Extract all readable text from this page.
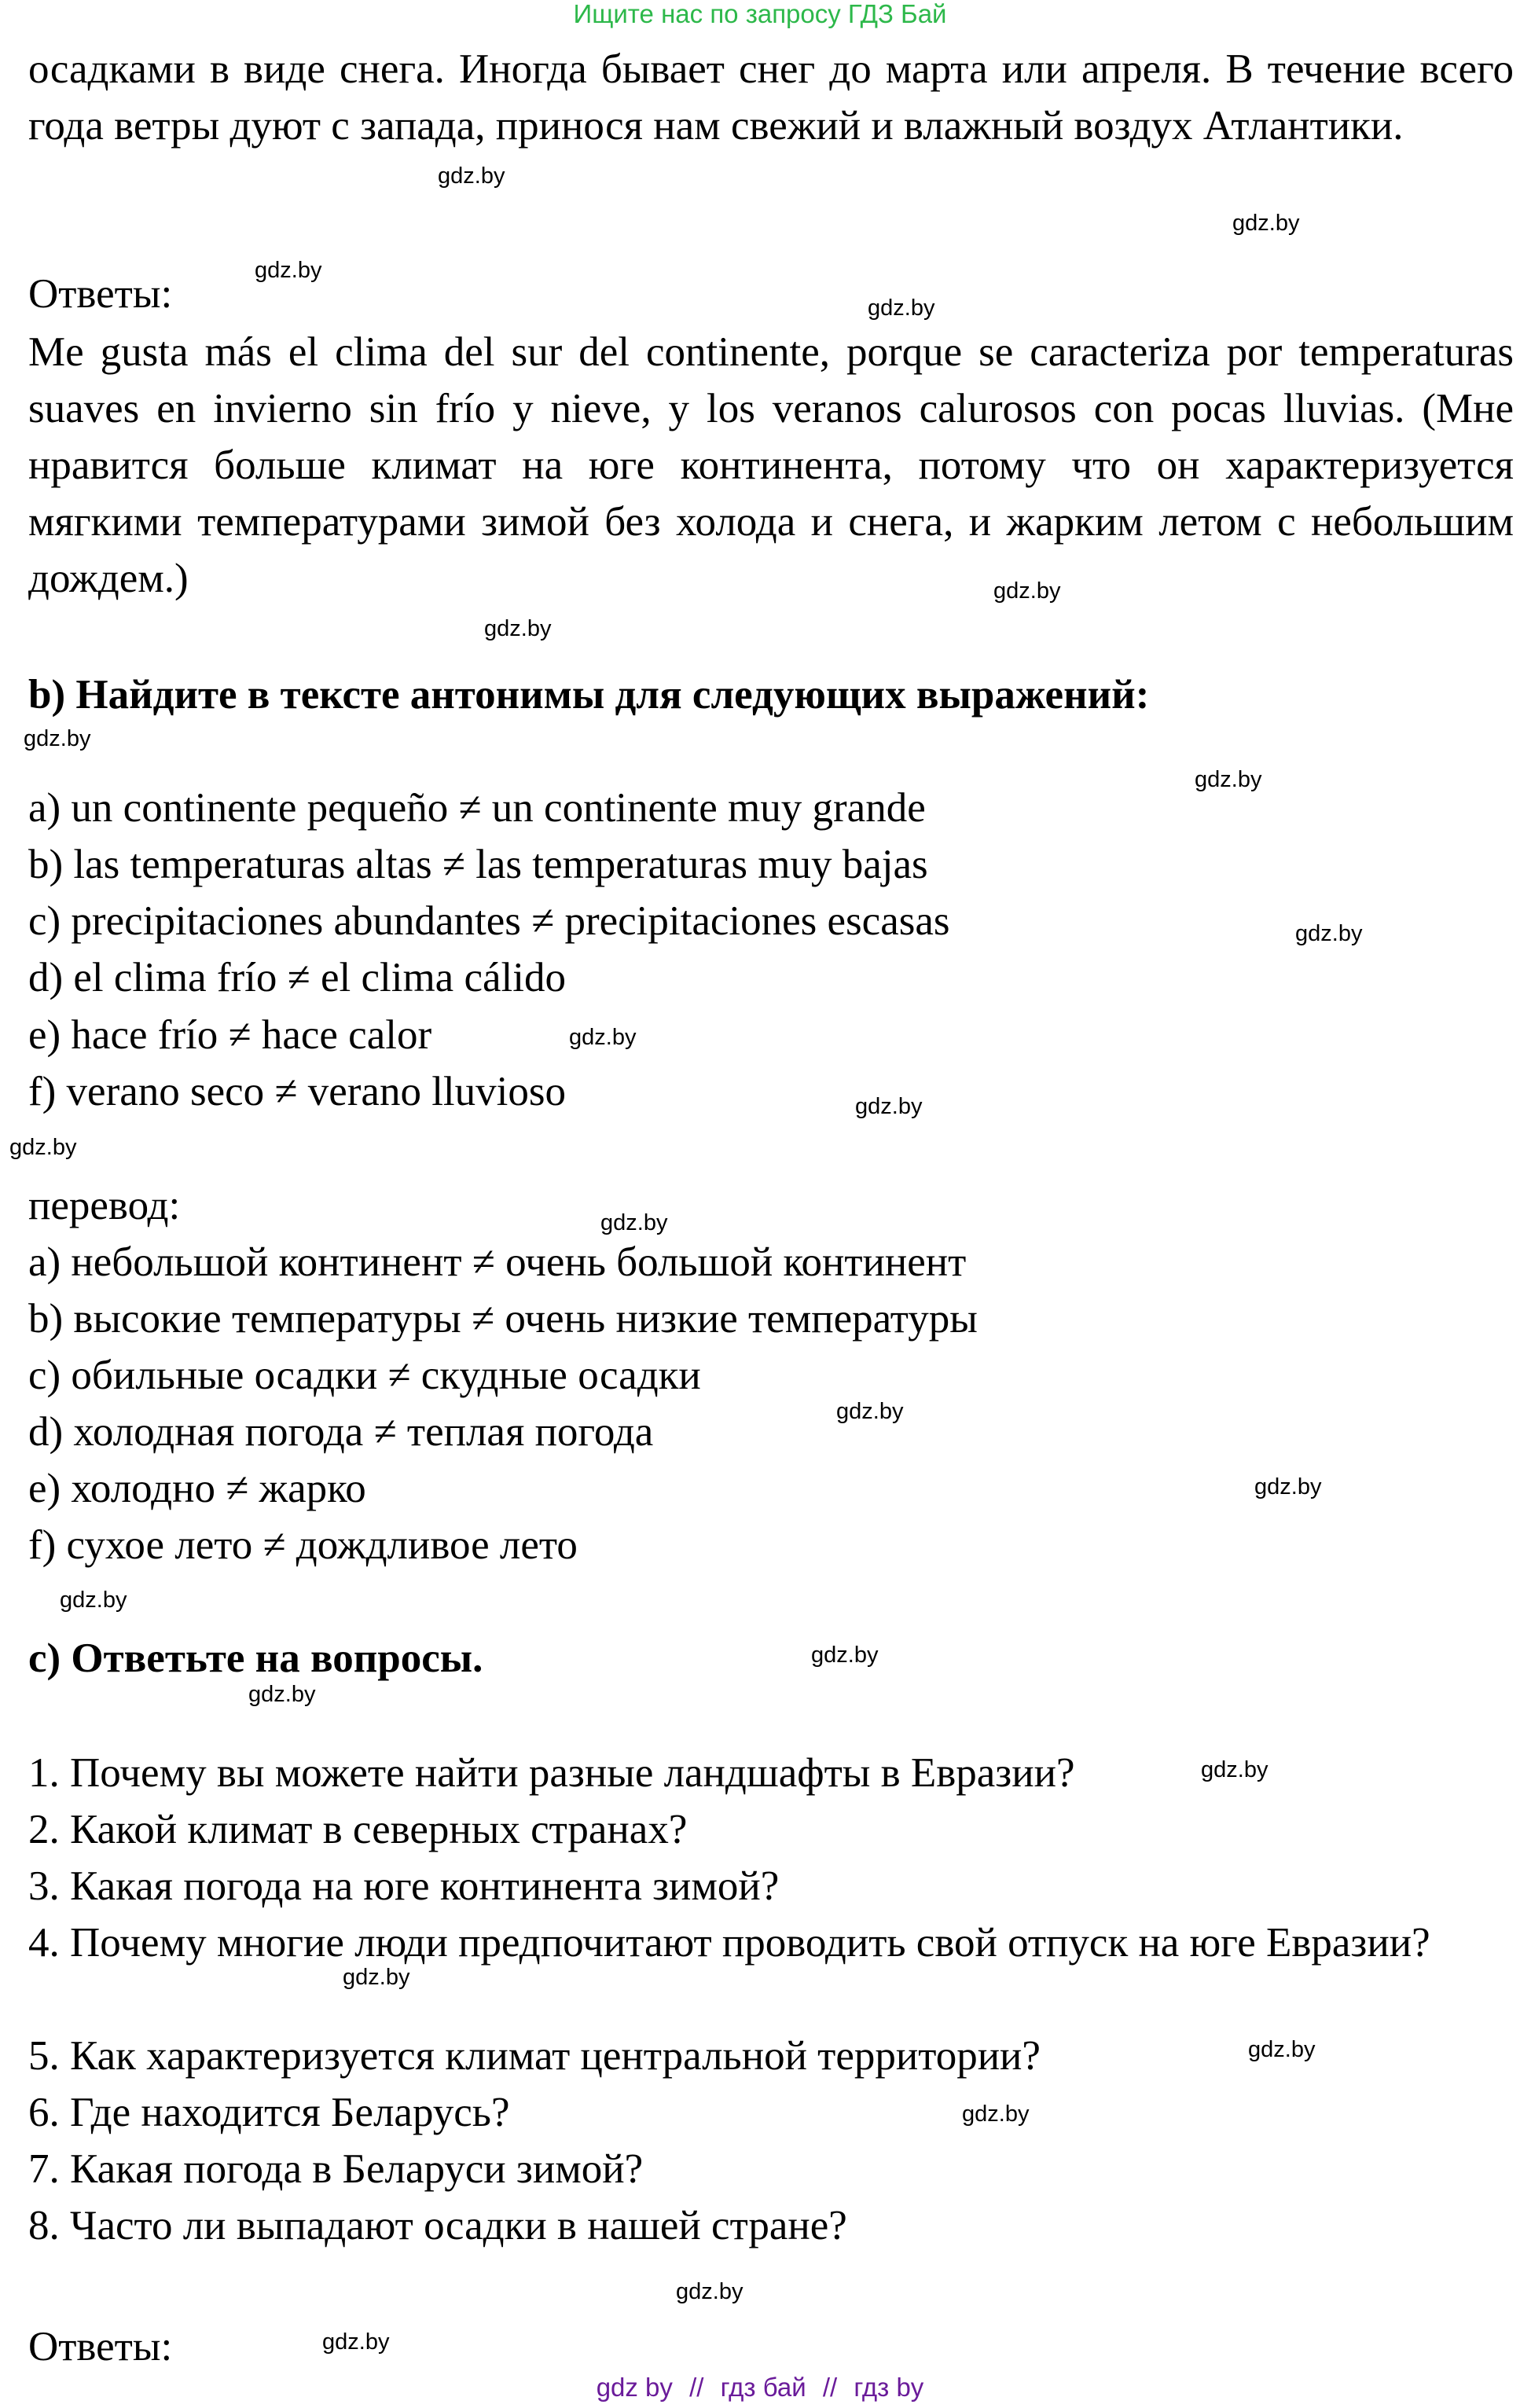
Ищите нас по запросу ГДЗ Бай
осадками в виде снега. Иногда бывает снег до марта или апреля. В течение всего года ветры дуют с запада, принося нам свежий и влажный воздух Атлантики.
Ответы:
Me gusta más el clima del sur del continente, porque se caracteriza por temperaturas suaves en invierno sin frío y nieve, y los veranos calurosos con pocas lluvias. (Мне нравится больше климат на юге континента, потому что он характеризуется мягкими температурами зимой без холода и снега, и жарким летом с небольшим дождем.)
b) Найдите в тексте антонимы для следующих выражений:
a) un continente pequeño ≠ un continente muy grande
b) las temperaturas altas ≠ las temperaturas muy bajas
c) precipitaciones abundantes ≠ precipitaciones escasas
d) el clima frío ≠ el clima cálido
e) hace frío ≠ hace calor
f) verano seco ≠ verano lluvioso
перевод:
a) небольшой континент ≠ очень большой континент
b) высокие температуры ≠ очень низкие температуры
c) обильные осадки ≠ скудные осадки
d) холодная погода ≠ теплая погода
e) холодно ≠ жарко
f) сухое лето ≠ дождливое лето
c) Ответьте на вопросы.
1. Почему вы можете найти разные ландшафты в Евразии?
2. Какой климат в северных странах?
3. Какая погода на юге континента зимой?
4. Почему многие люди предпочитают проводить свой отпуск на юге Евразии?
5. Как характеризуется климат центральной территории?
6. Где находится Беларусь?
7. Какая погода в Беларуси зимой?
8. Часто ли выпадают осадки в нашей стране?
Ответы:
gdz.by
gdz.by
gdz.by
gdz.by
gdz.by
gdz.by
gdz.by
gdz.by
gdz.by
gdz.by
gdz.by
gdz.by
gdz.by
gdz.by
gdz.by
gdz.by
gdz.by
gdz.by
gdz.by
gdz.by
gdz.by
gdz.by
gdz.by
gdz.by
gdz by // гдз бай // гдз by
